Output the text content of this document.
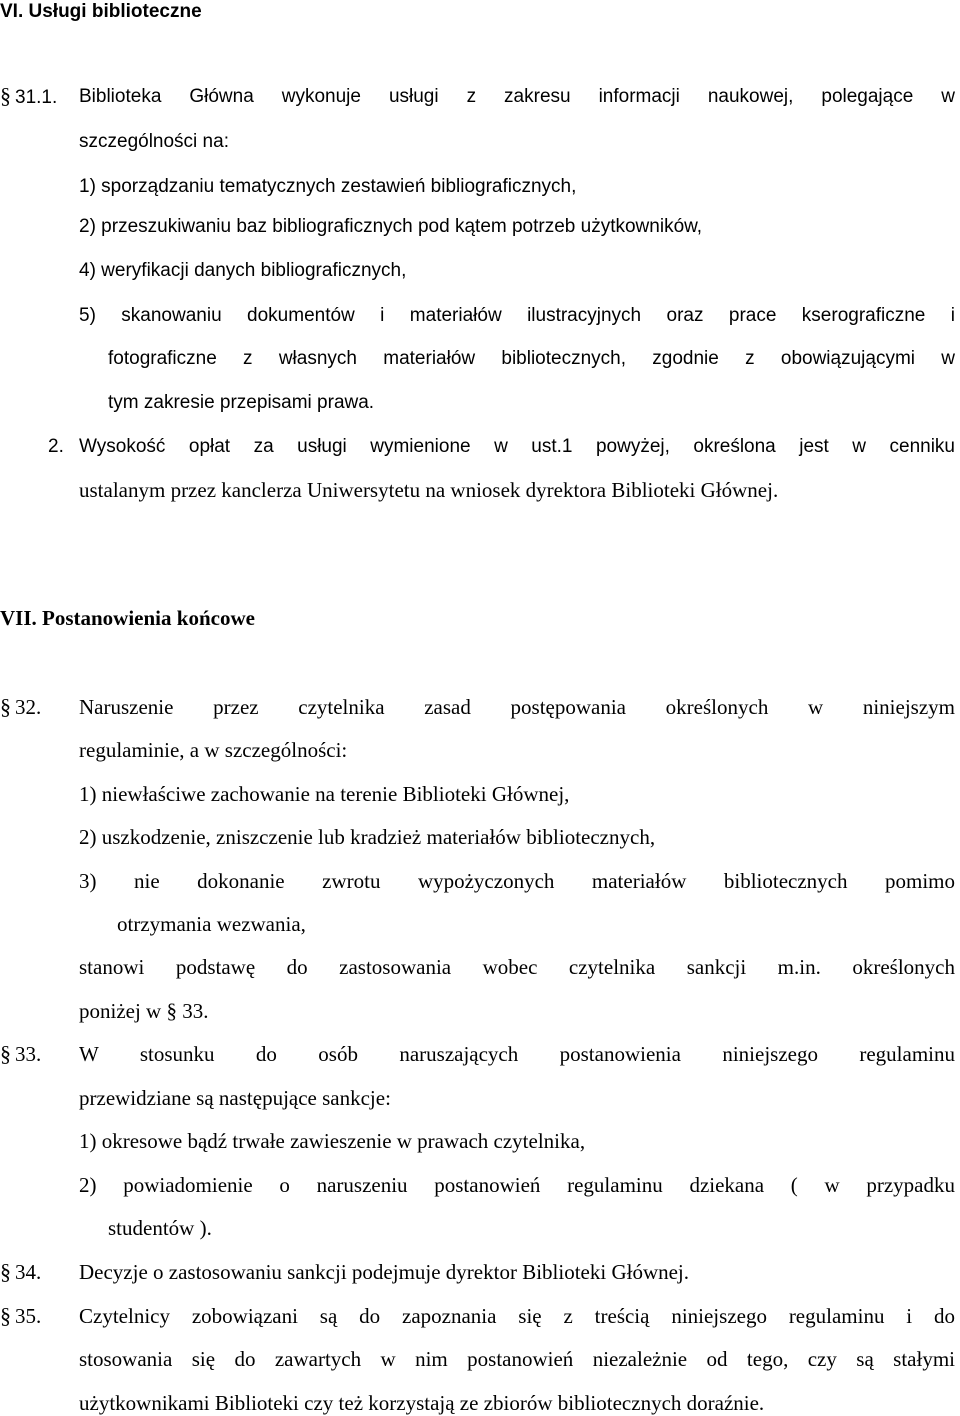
VI. Usługi biblioteczne
§ 31.1. Biblioteka Główna wykonuje usługi z zakresu informacji naukowej, polegające w
szczególności na:
1) sporządzaniu tematycznych zestawień bibliograficznych,
2) przeszukiwaniu baz bibliograficznych pod kątem potrzeb użytkowników,
4) weryfikacji danych bibliograficznych,
5) skanowaniu dokumentów i materiałów ilustracyjnych oraz prace kserograficzne i
fotograficzne z własnych materiałów bibliotecznych, zgodnie z obowiązującymi w
tym zakresie przepisami prawa.
2. Wysokość opłat za usługi wymienione w ust.1 powyżej, określona jest w cenniku
ustalanym przez kanclerza Uniwersytetu na wniosek dyrektora Biblioteki Głównej.
VII. Postanowienia końcowe
§ 32. Naruszenie przez czytelnika zasad postępowania określonych w niniejszym
regulaminie, a w szczególności:
1) niewłaściwe zachowanie na terenie Biblioteki Głównej,
2) uszkodzenie, zniszczenie lub kradzież materiałów bibliotecznych,
3) nie dokonanie zwrotu wypożyczonych materiałów bibliotecznych pomimo
otrzymania wezwania,
stanowi podstawę do zastosowania wobec czytelnika sankcji m.in. określonych
poniżej w § 33.
§ 33. W stosunku do osób naruszających postanowienia niniejszego regulaminu
przewidziane są następujące sankcje:
1) okresowe bądź trwałe zawieszenie w prawach czytelnika,
2) powiadomienie o naruszeniu postanowień regulaminu dziekana ( w przypadku
studentów ).
§ 34. Decyzje o zastosowaniu sankcji podejmuje dyrektor Biblioteki Głównej.
§ 35. Czytelnicy zobowiązani są do zapoznania się z treścią niniejszego regulaminu i do
stosowania się do zawartych w nim postanowień niezależnie od tego, czy są stałymi
użytkownikami Biblioteki czy też korzystają ze zbiorów bibliotecznych doraźnie.
